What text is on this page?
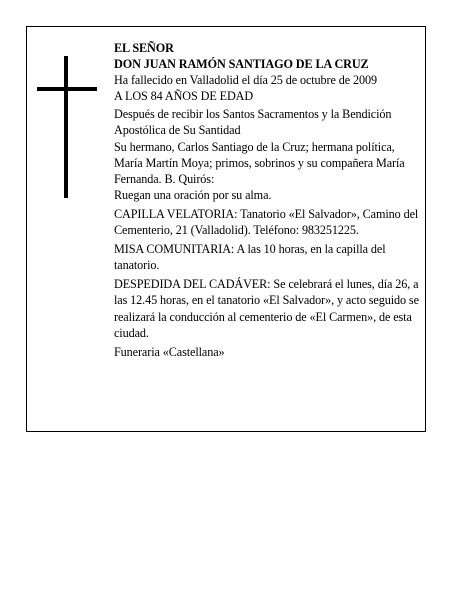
EL SEÑOR

DON JUAN RAMÓN SANTIAGO DE LA CRUZ

Ha fallecido en Valladolid el día 25 de octubre de 2009

A LOS 84 AÑOS DE EDAD

Después de recibir los Santos Sacramentos y la Bendición Apostólica de Su Santidad

Su hermano, Carlos Santiago de la Cruz; hermana política, María Martín Moya; primos, sobrinos y su compañera María Fernanda. B. Quirós:

Ruegan una oración por su alma.

CAPILLA VELATORIA: Tanatorio «El Salvador», Camino del Cementerio, 21 (Valladolid). Teléfono: 983251225.

MISA COMUNITARIA: A las 10 horas, en la capilla del tanatorio.

DESPEDIDA DEL CADÁVER: Se celebrará el lunes, día 26, a las 12.45 horas, en el tanatorio «El Salvador», y acto seguido se realizará la conducción al cementerio de «El Carmen», de esta ciudad.

Funeraria «Castellana»
